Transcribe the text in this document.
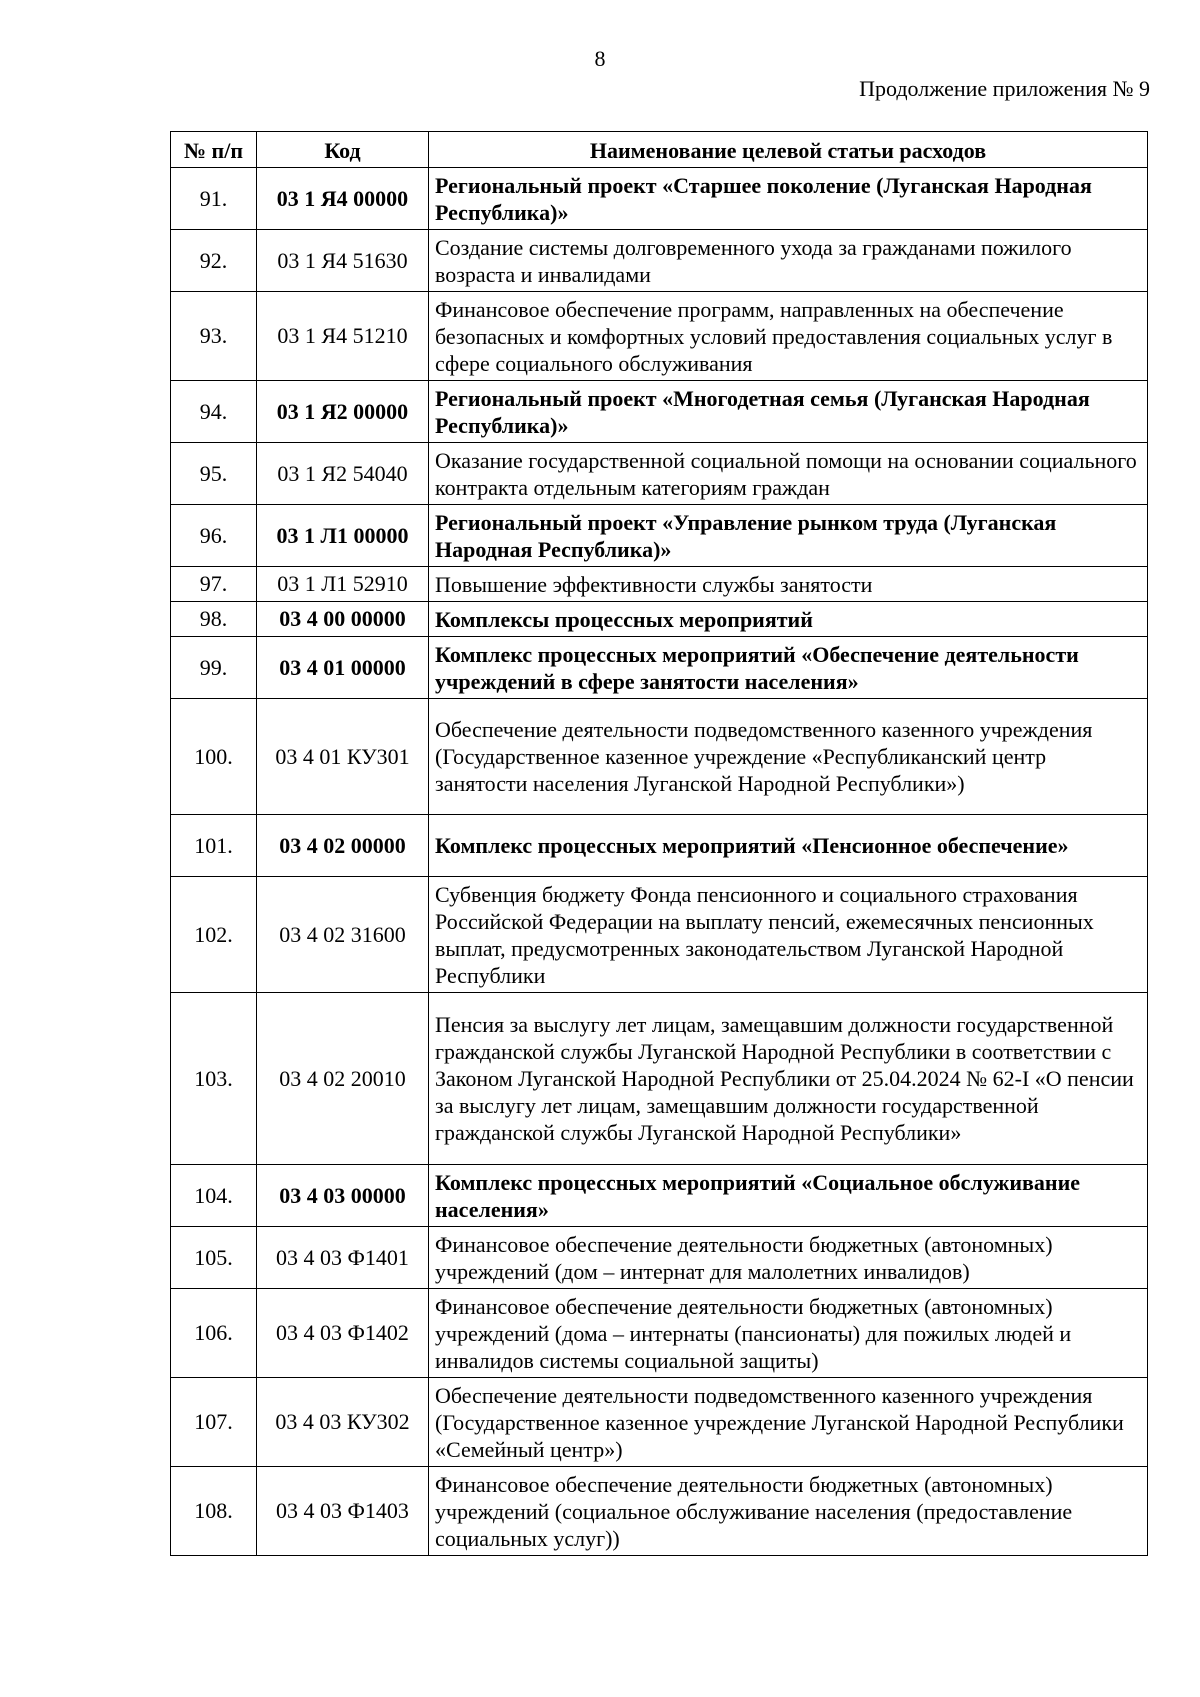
8
Продолжение приложения № 9
№ п/п	Код	Наименование целевой статьи расходов
91.	03 1 Я4 00000	Региональный проект «Старшее поколение (Луганская Народная Республика)»
92.	03 1 Я4 51630	Создание системы долговременного ухода за гражданами пожилого возраста и инвалидами
93.	03 1 Я4 51210	Финансовое обеспечение программ, направленных на обеспечение безопасных и комфортных условий предоставления социальных услуг в сфере социального обслуживания
94.	03 1 Я2 00000	Региональный проект «Многодетная семья (Луганская Народная Республика)»
95.	03 1 Я2 54040	Оказание государственной социальной помощи на основании социального контракта отдельным категориям граждан
96.	03 1 Л1 00000	Региональный проект «Управление рынком труда (Луганская Народная Республика)»
97.	03 1 Л1 52910	Повышение эффективности службы занятости
98.	03 4 00 00000	Комплексы процессных мероприятий
99.	03 4 01 00000	Комплекс процессных мероприятий «Обеспечение деятельности учреждений в сфере занятости населения»
100.	03 4 01 КУ301	Обеспечение деятельности подведомственного казенного учреждения (Государственное казенное учреждение «Республиканский центр занятости населения Луганской Народной Республики»)
101.	03 4 02 00000	Комплекс процессных мероприятий «Пенсионное обеспечение»
102.	03 4 02 31600	Субвенция бюджету Фонда пенсионного и социального страхования Российской Федерации на выплату пенсий, ежемесячных пенсионных выплат, предусмотренных законодательством Луганской Народной Республики
103.	03 4 02 20010	Пенсия за выслугу лет лицам, замещавшим должности государственной гражданской службы Луганской Народной Республики в соответствии с Законом Луганской Народной Республики от 25.04.2024 № 62-I «О пенсии за выслугу лет лицам, замещавшим должности государственной гражданской службы Луганской Народной Республики»
104.	03 4 03 00000	Комплекс процессных мероприятий «Социальное обслуживание населения»
105.	03 4 03 Ф1401	Финансовое обеспечение деятельности бюджетных (автономных) учреждений (дом – интернат для малолетних инвалидов)
106.	03 4 03 Ф1402	Финансовое обеспечение деятельности бюджетных (автономных) учреждений (дома – интернаты (пансионаты) для пожилых людей и инвалидов системы социальной защиты)
107.	03 4 03 КУ302	Обеспечение деятельности подведомственного казенного учреждения (Государственное казенное учреждение Луганской Народной Республики «Семейный центр»)
108.	03 4 03 Ф1403	Финансовое обеспечение деятельности бюджетных (автономных) учреждений (социальное обслуживание населения (предоставление социальных услуг))
